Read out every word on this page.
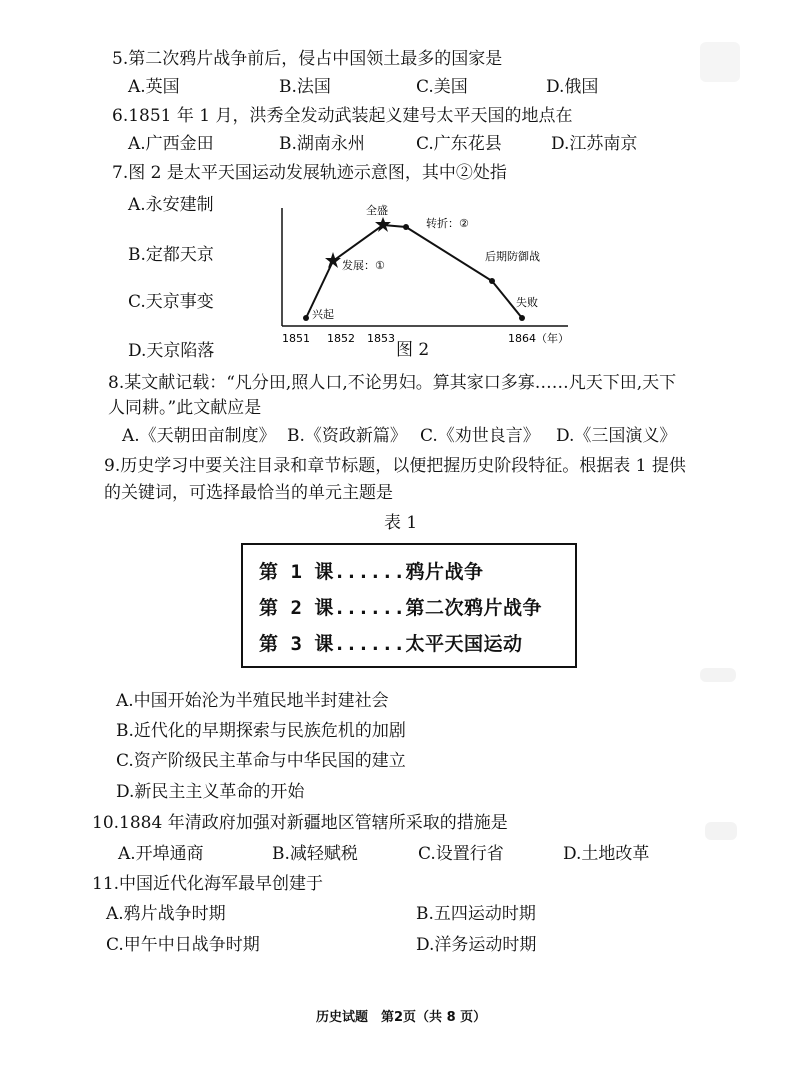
5.第二次鸦片战争前后，侵占中国领土最多的国家是
A.英国	B.法国	C.美国	D.俄国
6.1851 年 1 月，洪秀全发动武装起义建号太平天国的地点在
A.广西金田	B.湖南永州	C.广东花县	D.江苏南京
7.图 2 是太平天国运动发展轨迹示意图，其中②处指
A.永安建制
B.定都天京
C.天京事变
D.天京陷落
兴起
发展：①
全盛
转折：②
后期防御战
失败
1851 1852 1853	1864（年）
图 2
8.某文献记载：“凡分田,照人口,不论男妇。算其家口多寡……凡天下田,天下
人同耕。”此文献应是
A.《天朝田亩制度》 B.《资政新篇》 C.《劝世良言》 D.《三国演义》
9.历史学习中要关注目录和章节标题，以便把握历史阶段特征。根据表 1 提供
的关键词，可选择最恰当的单元主题是
表 1
第 1 课......鸦片战争
第 2 课......第二次鸦片战争
第 3 课......太平天国运动
A.中国开始沦为半殖民地半封建社会
B.近代化的早期探索与民族危机的加剧
C.资产阶级民主革命与中华民国的建立
D.新民主主义革命的开始
10.1884 年清政府加强对新疆地区管辖所采取的措施是
A.开埠通商	B.减轻赋税	C.设置行省	D.土地改革
11.中国近代化海军最早创建于
A.鸦片战争时期	B.五四运动时期
C.甲午中日战争时期	D.洋务运动时期
历史试题　第2页（共 8 页）
